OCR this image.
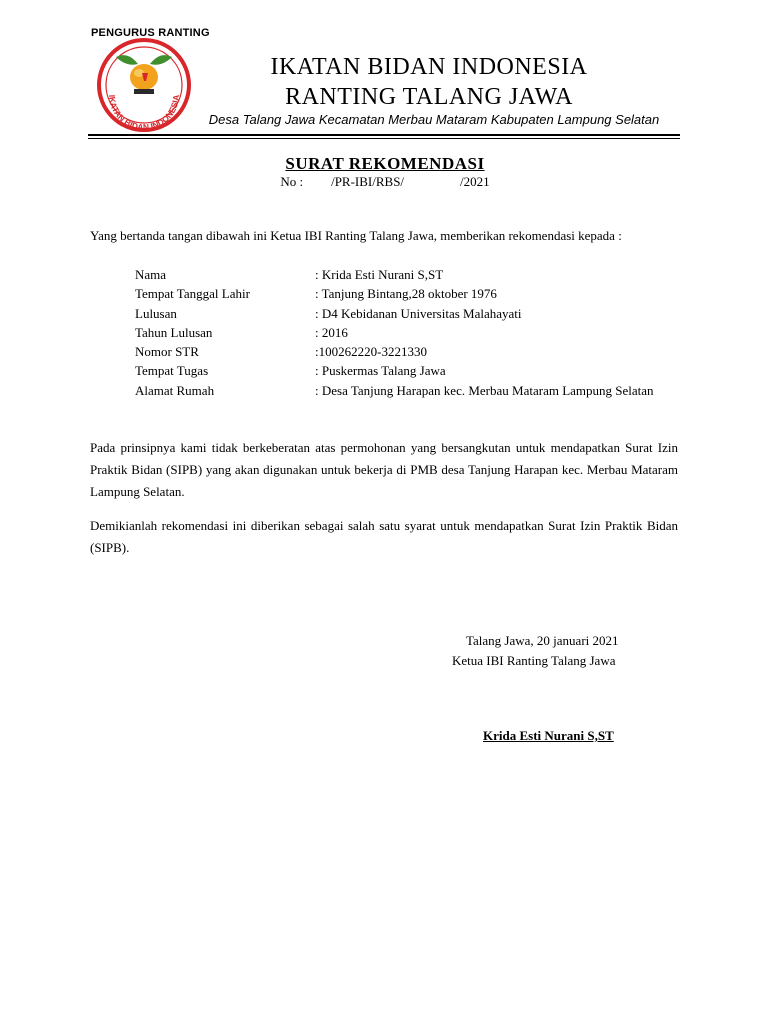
PENGURUS RANTING
IKATAN BIDAN INDONESIA
IKATAN BIDAN INDONESIA
RANTING TALANG JAWA
Desa Talang Jawa Kecamatan Merbau Mataram Kabupaten Lampung Selatan
SURAT REKOMENDASI
No : /PR-IBI/RBS/	/2021
Yang bertanda tangan dibawah ini Ketua IBI Ranting Talang Jawa, memberikan rekomendasi kepada :
Nama	: Krida Esti Nurani S,ST
Tempat Tanggal Lahir	: Tanjung Bintang,28 oktober 1976
Lulusan	: D4 Kebidanan Universitas Malahayati
Tahun Lulusan	: 2016
Nomor STR	:100262220-3221330
Tempat Tugas	: Puskermas Talang Jawa
Alamat Rumah	: Desa Tanjung Harapan kec. Merbau Mataram Lampung Selatan
Pada prinsipnya kami tidak berkeberatan atas permohonan yang bersangkutan untuk mendapatkan Surat Izin Praktik Bidan (SIPB) yang akan digunakan untuk bekerja di PMB desa Tanjung Harapan kec. Merbau Mataram Lampung Selatan.
Demikianlah rekomendasi ini diberikan sebagai salah satu syarat untuk mendapatkan Surat Izin Praktik Bidan (SIPB).
Talang Jawa, 20 januari 2021
Ketua IBI Ranting Talang Jawa
Krida Esti Nurani S,ST
